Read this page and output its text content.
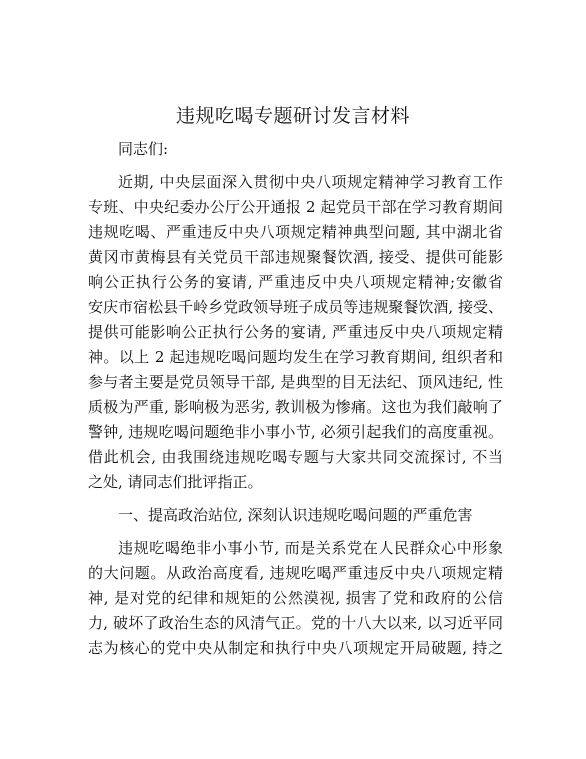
违规吃喝专题研讨发言材料
同志们:
近期, 中央层面深入贯彻中央八项规定精神学习教育工作
专班、中央纪委办公厅公开通报 2 起党员干部在学习教育期间
违规吃喝、严重违反中央八项规定精神典型问题, 其中湖北省
黄冈市黄梅县有关党员干部违规聚餐饮酒, 接受、提供可能影
响公正执行公务的宴请, 严重违反中央八项规定精神;安徽省
安庆市宿松县千岭乡党政领导班子成员等违规聚餐饮酒, 接受、
提供可能影响公正执行公务的宴请, 严重违反中央八项规定精
神。以上 2 起违规吃喝问题均发生在学习教育期间, 组织者和
参与者主要是党员领导干部, 是典型的目无法纪、顶风违纪, 性
质极为严重, 影响极为恶劣, 教训极为惨痛。这也为我们敲响了
警钟, 违规吃喝问题绝非小事小节, 必须引起我们的高度重视。
借此机会, 由我围绕违规吃喝专题与大家共同交流探讨, 不当
之处, 请同志们批评指正。
一、提高政治站位, 深刻认识违规吃喝问题的严重危害
违规吃喝绝非小事小节, 而是关系党在人民群众心中形象
的大问题。从政治高度看, 违规吃喝严重违反中央八项规定精
神, 是对党的纪律和规矩的公然漠视, 损害了党和政府的公信
力, 破坏了政治生态的风清气正。党的十八大以来, 以习近平同
志为核心的党中央从制定和执行中央八项规定开局破题, 持之
